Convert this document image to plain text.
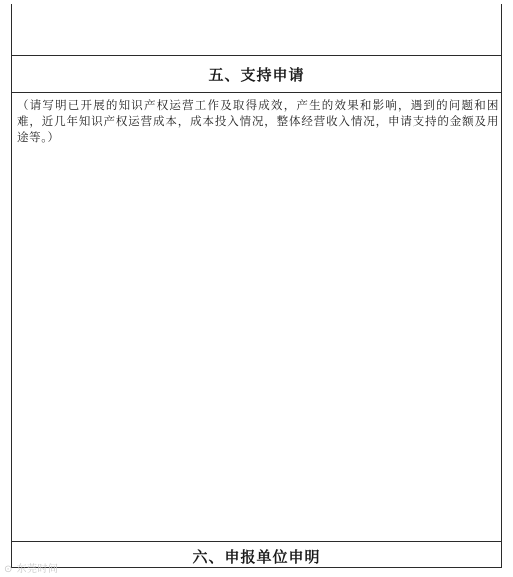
五、支持申请
（请写明已开展的知识产权运营工作及取得成效，产生的效果和影响，遇到的问题和困难，近几年知识产权运营成本，成本投入情况，整体经营收入情况，申请支持的金额及用途等。）
六、申报单位申明
⊙ 东莞时间
